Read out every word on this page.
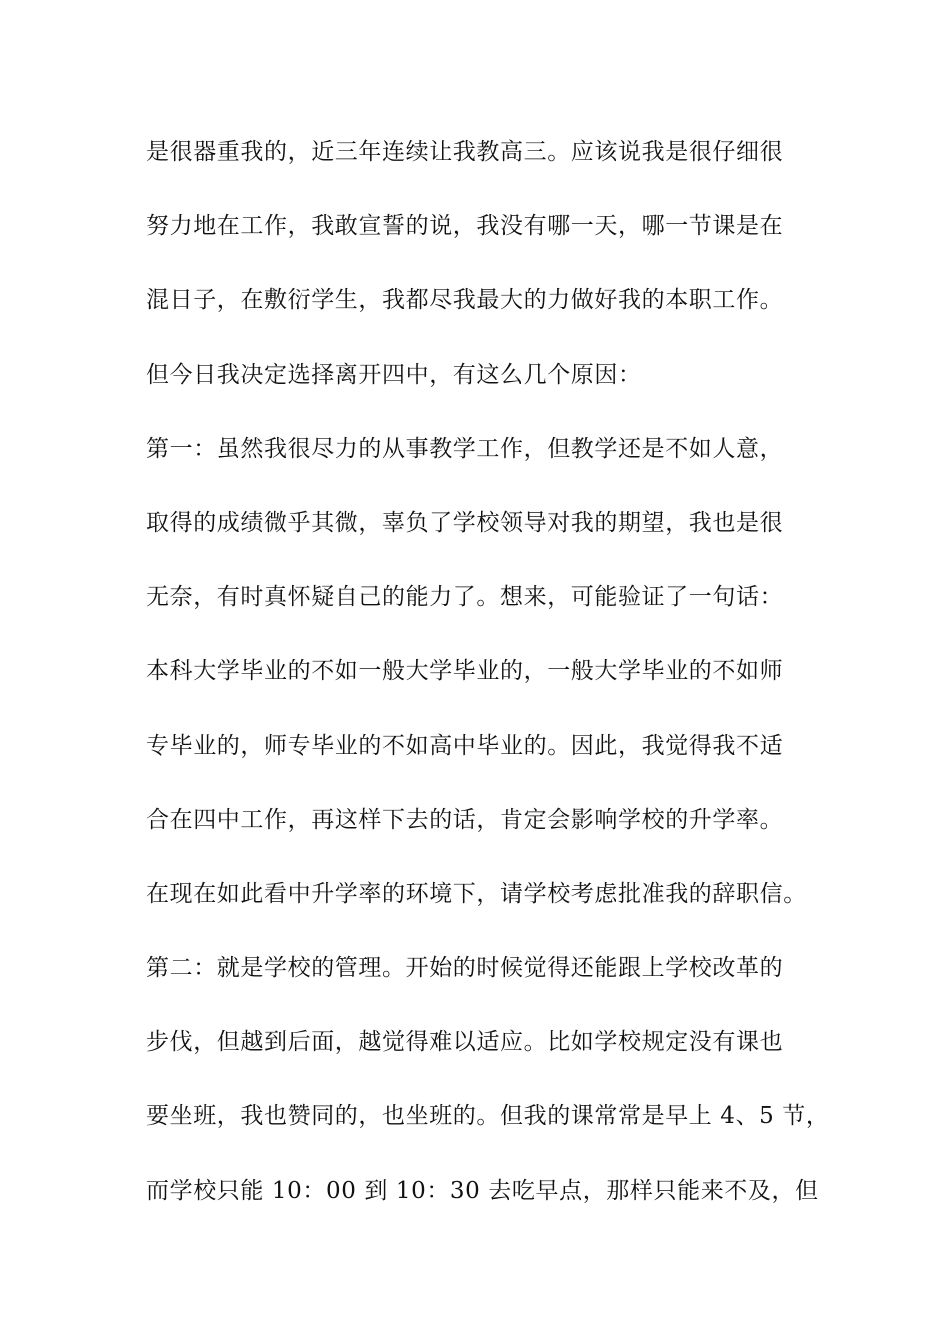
是很器重我的，近三年连续让我教高三。应该说我是很仔细很
努力地在工作，我敢宣誓的说，我没有哪一天，哪一节课是在
混日子，在敷衍学生，我都尽我最大的力做好我的本职工作。
但今日我决定选择离开四中，有这么几个原因：
第一：虽然我很尽力的从事教学工作，但教学还是不如人意，
取得的成绩微乎其微，辜负了学校领导对我的期望，我也是很
无奈，有时真怀疑自己的能力了。想来，可能验证了一句话：
本科大学毕业的不如一般大学毕业的，一般大学毕业的不如师
专毕业的，师专毕业的不如高中毕业的。因此，我觉得我不适
合在四中工作，再这样下去的话，肯定会影响学校的升学率。
在现在如此看中升学率的环境下，请学校考虑批准我的辞职信。
第二：就是学校的管理。开始的时候觉得还能跟上学校改革的
步伐，但越到后面，越觉得难以适应。比如学校规定没有课也
要坐班，我也赞同的，也坐班的。但我的课常常是早上 4、5 节，
而学校只能 10：00 到 10：30 去吃早点，那样只能来不及，但
